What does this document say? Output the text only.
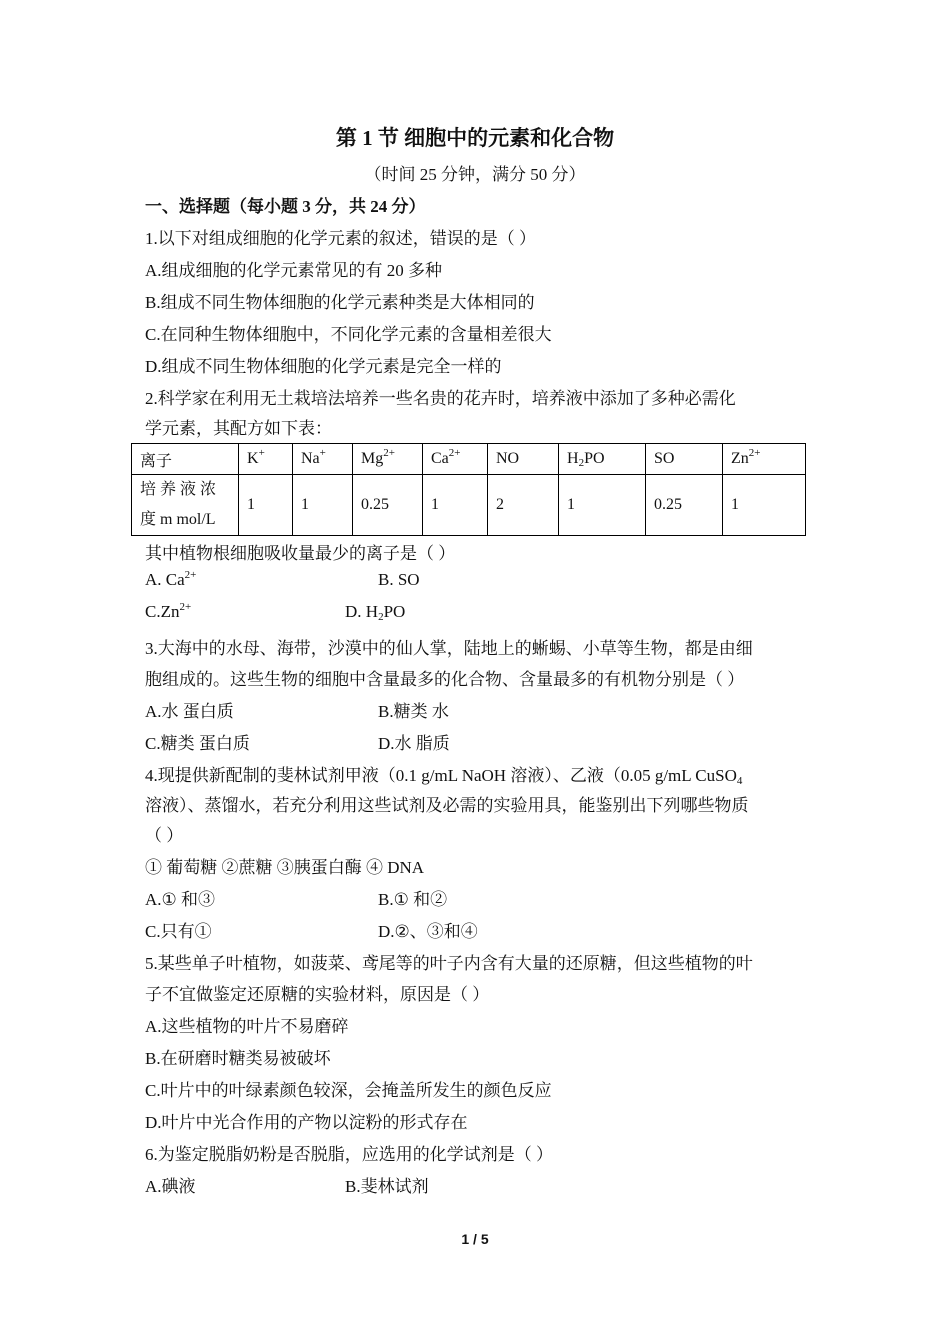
第 1 节 细胞中的元素和化合物
（时间 25 分钟，满分 50 分）
一、选择题（每小题 3 分，共 24 分）
1.以下对组成细胞的化学元素的叙述，错误的是（ ）
A.组成细胞的化学元素常见的有 20 多种
B.组成不同生物体细胞的化学元素种类是大体相同的
C.在同种生物体细胞中，不同化学元素的含量相差很大
D.组成不同生物体细胞的化学元素是完全一样的
2.科学家在利用无土栽培法培养一些名贵的花卉时，培养液中添加了多种必需化
学元素，其配方如下表：
离子	K+	Na+	$Mg^{2+}$	$Ca^{2+}$	NO	$H_2PO$	SO	$Zn^{2+}$
培 养 液 浓
度 m mol/L	1	1	0.25	1	2	1	0.25	1
其中植物根细胞吸收量最少的离子是（ ）
A. $Ca^{2+}$	B. SO
$C.Zn^{2+}$	D. $H_2PO$
3.大海中的水母、海带，沙漠中的仙人掌，陆地上的蜥蜴、小草等生物，都是由细
胞组成的。这些生物的细胞中含量最多的化合物、含量最多的有机物分别是（ ）
A.水 蛋白质	B.糖类 水
C.糖类 蛋白质	D.水 脂质
4.现提供新配制的斐林试剂甲液（0.1 g/mL NaOH 溶液）、乙液（0.05 g/mL CuSO$_4$
溶液）、蒸馏水，若充分利用这些试剂及必需的实验用具，能鉴别出下列哪些物质
（ ）
① 葡萄糖 ②蔗糖 ③胰蛋白酶 ④ DNA
A.① 和③	B.① 和②
C.只有①	D.②、③和④
5.某些单子叶植物，如菠菜、鸢尾等的叶子内含有大量的还原糖，但这些植物的叶
子不宜做鉴定还原糖的实验材料，原因是（ ）
A.这些植物的叶片不易磨碎
B.在研磨时糖类易被破坏
C.叶片中的叶绿素颜色较深，会掩盖所发生的颜色反应
D.叶片中光合作用的产物以淀粉的形式存在
6.为鉴定脱脂奶粉是否脱脂，应选用的化学试剂是（ ）
A.碘液	B.斐林试剂
1 / 5
